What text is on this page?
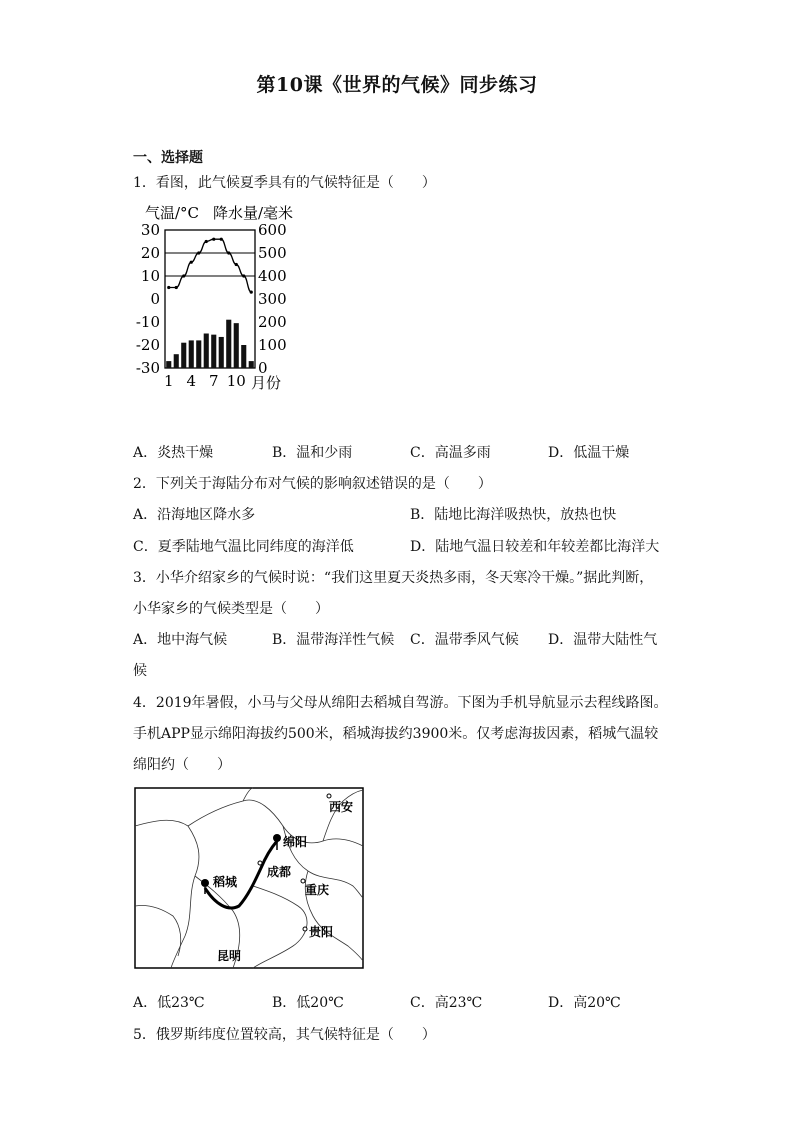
第10课《世界的气候》同步练习
一、选择题
1．看图，此气候夏季具有的气候特征是（　　）
气温/°C 降水量/毫米
30
20
10
0
-10
-20
-30
600
500
400
300
200
100
0
1 4 7 10 月份
A．炎热干燥	B．温和少雨	C．高温多雨	D．低温干燥
2．下列关于海陆分布对气候的影响叙述错误的是（　　）
A．沿海地区降水多	B．陆地比海洋吸热快，放热也快
C．夏季陆地气温比同纬度的海洋低	D．陆地气温日较差和年较差都比海洋大
3．小华介绍家乡的气候时说：“我们这里夏天炎热多雨，冬天寒冷干燥。”据此判断，
小华家乡的气候类型是（　　）
A．地中海气候	B．温带海洋性气候 C．温带季风气候 D．温带大陆性气
候
4．2019年暑假，小马与父母从绵阳去稻城自驾游。下图为手机导航显示去程线路图。
手机APP显示绵阳海拔约500米，稻城海拔约3900米。仅考虑海拔因素，稻城气温较
绵阳约（　　）
西安
绵阳
稻城
成都
重庆
贵阳
昆明
A．低23℃	B．低20℃	C．高23℃	D．高20℃
5．俄罗斯纬度位置较高，其气候特征是（　　）
